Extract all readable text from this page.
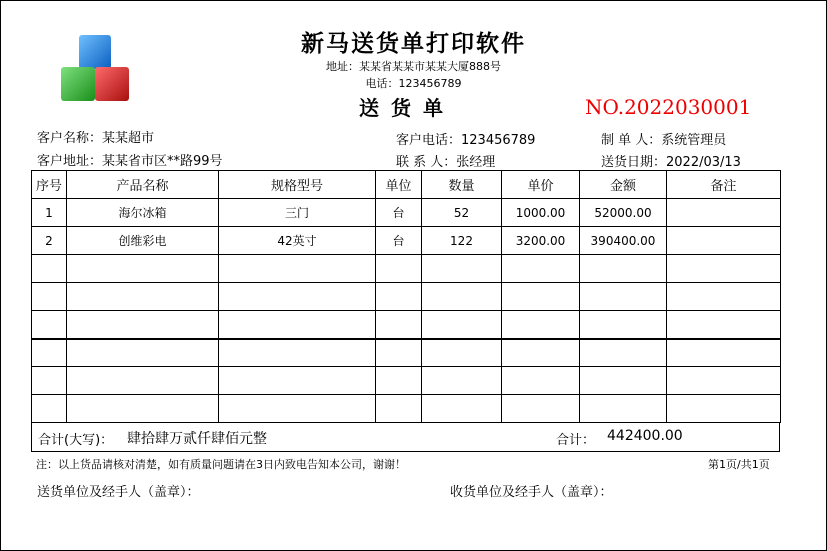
新马送货单打印软件
地址：某某省某某市某某大厦888号
电话：123456789
送货单	NO.2022030001
客户名称：某某超市	客户电话：123456789	制 单 人：系统管理员
客户地址：某某省市区**路99号	联 系 人：张经理	送货日期：2022/03/13
序号	产品名称	规格型号	单位	数量	单价	金额	备注
1	海尔冰箱	三门	台	52	1000.00	52000.00	
2	创维彩电	42英寸	台	122	3200.00	390400.00	

合计(大写)： 肆拾肆万贰仟肆佰元整	合计： 442400.00
注：以上货品请核对清楚，如有质量问题请在3日内致电告知本公司，谢谢！	第1页/共1页
送货单位及经手人（盖章）：	收货单位及经手人（盖章）：
